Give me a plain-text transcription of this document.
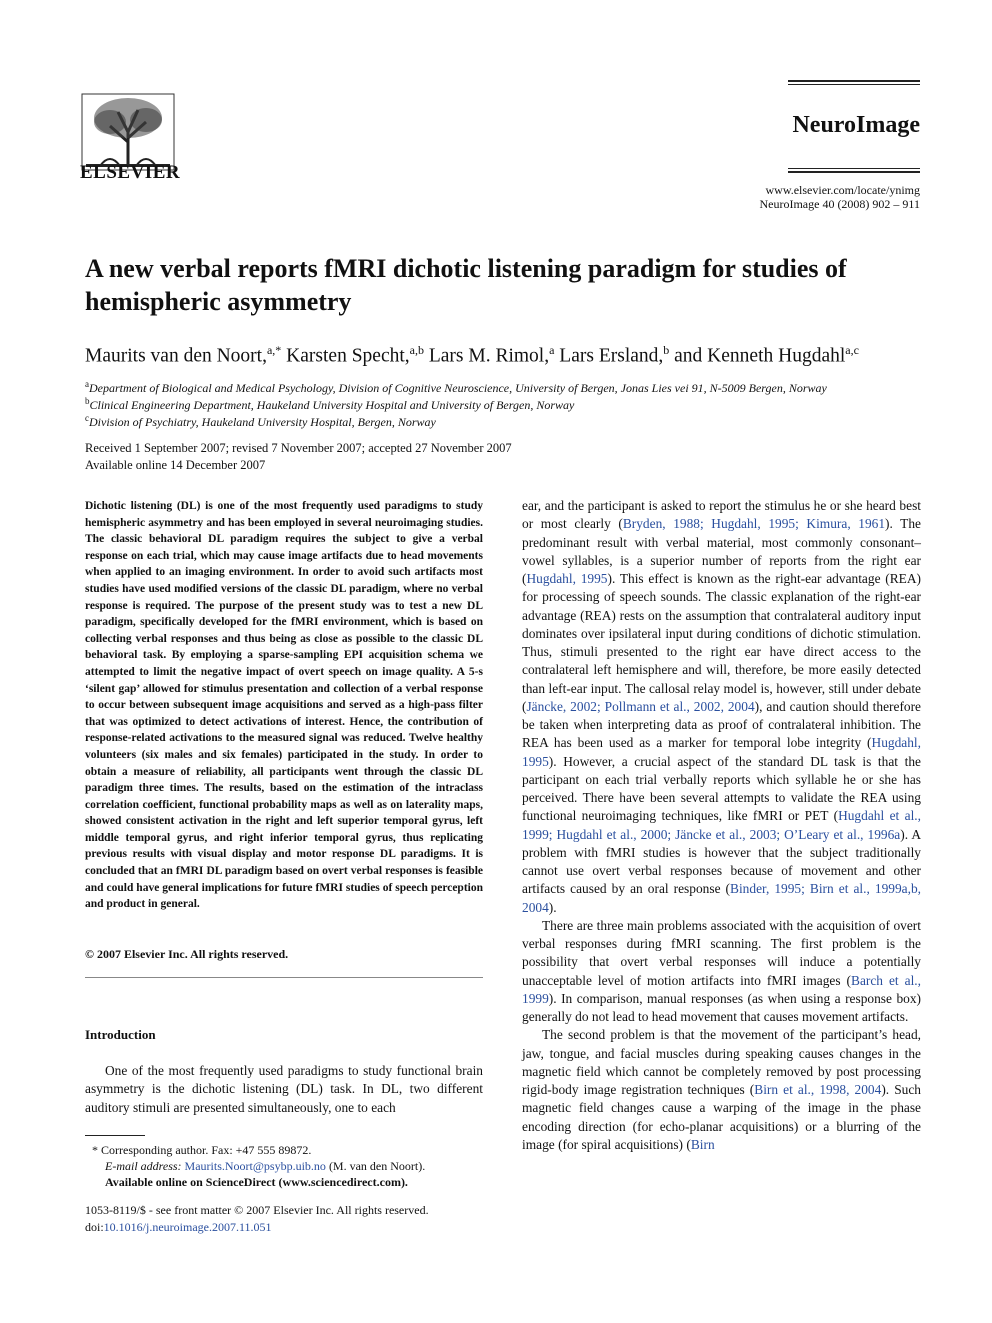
ELSEVIER
NeuroImage
www.elsevier.com/locate/ynimg
NeuroImage 40 (2008) 902 – 911
A new verbal reports fMRI dichotic listening paradigm for studies of hemispheric asymmetry
Maurits van den Noort,$^{a,*}$ Karsten Specht,$^{a,b}$ Lars M. Rimol,$^a$ Lars Ersland,$^b$ and Kenneth Hugdahl$^{a,c}$
$^a$Department of Biological and Medical Psychology, Division of Cognitive Neuroscience, University of Bergen, Jonas Lies vei 91, N-5009 Bergen, Norway
$^b$Clinical Engineering Department, Haukeland University Hospital and University of Bergen, Norway
$^c$Division of Psychiatry, Haukeland University Hospital, Bergen, Norway
Received 1 September 2007; revised 7 November 2007; accepted 27 November 2007
Available online 14 December 2007
Dichotic listening (DL) is one of the most frequently used paradigms to study hemispheric asymmetry and has been employed in several neuroimaging studies. The classic behavioral DL paradigm requires the subject to give a verbal response on each trial, which may cause image artifacts due to head movements when applied to an imaging environment. In order to avoid such artifacts most studies have used modified versions of the classic DL paradigm, where no verbal response is required. The purpose of the present study was to test a new DL paradigm, specifically developed for the fMRI environment, which is based on collecting verbal responses and thus being as close as possible to the classic DL behavioral task. By employing a sparse-sampling EPI acquisition schema we attempted to limit the negative impact of overt speech on image quality. A 5-s ‘silent gap’ allowed for stimulus presentation and collection of a verbal response to occur between subsequent image acquisitions and served as a high-pass filter that was optimized to detect activations of interest. Hence, the contribution of response-related activations to the measured signal was reduced. Twelve healthy volunteers (six males and six females) participated in the study. In order to obtain a measure of reliability, all participants went through the classic DL paradigm three times. The results, based on the estimation of the intraclass correlation coefficient, functional probability maps as well as on laterality maps, showed consistent activation in the right and left superior temporal gyrus, left middle temporal gyrus, and right inferior temporal gyrus, thus replicating previous results with visual display and motor response DL paradigms. It is concluded that an fMRI DL paradigm based on overt verbal responses is feasible and could have general implications for future fMRI studies of speech perception and product in general.
© 2007 Elsevier Inc. All rights reserved.
Introduction
One of the most frequently used paradigms to study functional brain asymmetry is the dichotic listening (DL) task. In DL, two different auditory stimuli are presented simultaneously, one to each
* Corresponding author. Fax: +47 555 89872.
E-mail address: Maurits.Noort@psybp.uib.no (M. van den Noort).
Available online on ScienceDirect (www.sciencedirect.com).
1053-8119/$ - see front matter © 2007 Elsevier Inc. All rights reserved.
doi:10.1016/j.neuroimage.2007.11.051

ear, and the participant is asked to report the stimulus he or she heard best or most clearly (Bryden, 1988; Hugdahl, 1995; Kimura, 1961). The predominant result with verbal material, most commonly consonant–vowel syllables, is a superior number of reports from the right ear (Hugdahl, 1995). This effect is known as the right-ear advantage (REA) for processing of speech sounds. The classic explanation of the right-ear advantage (REA) rests on the assumption that contralateral auditory input dominates over ipsilateral input during conditions of dichotic stimulation. Thus, stimuli presented to the right ear have direct access to the contralateral left hemisphere and will, therefore, be more easily detected than left-ear input. The callosal relay model is, however, still under debate (Jäncke, 2002; Pollmann et al., 2002, 2004), and caution should therefore be taken when interpreting data as proof of contralateral inhibition. The REA has been used as a marker for temporal lobe integrity (Hugdahl, 1995). However, a crucial aspect of the standard DL task is that the participant on each trial verbally reports which syllable he or she has perceived. There have been several attempts to validate the REA using functional neuroimaging techniques, like fMRI or PET (Hugdahl et al., 1999; Hugdahl et al., 2000; Jäncke et al., 2003; O’Leary et al., 1996a). A problem with fMRI studies is however that the subject traditionally cannot use overt verbal responses because of movement and other artifacts caused by an oral response (Binder, 1995; Birn et al., 1999a,b, 2004).

There are three main problems associated with the acquisition of overt verbal responses during fMRI scanning. The first problem is the possibility that overt verbal responses will induce a potentially unacceptable level of motion artifacts into fMRI images (Barch et al., 1999). In comparison, manual responses (as when using a response box) generally do not lead to head movement that causes movement artifacts.

The second problem is that the movement of the participant’s head, jaw, tongue, and facial muscles during speaking causes changes in the magnetic field which cannot be completely removed by post processing rigid-body image registration techniques (Birn et al., 1998, 2004). Such magnetic field changes cause a warping of the image in the phase encoding direction (for echo-planar acquisitions) or a blurring of the image (for spiral acquisitions) (Birn
